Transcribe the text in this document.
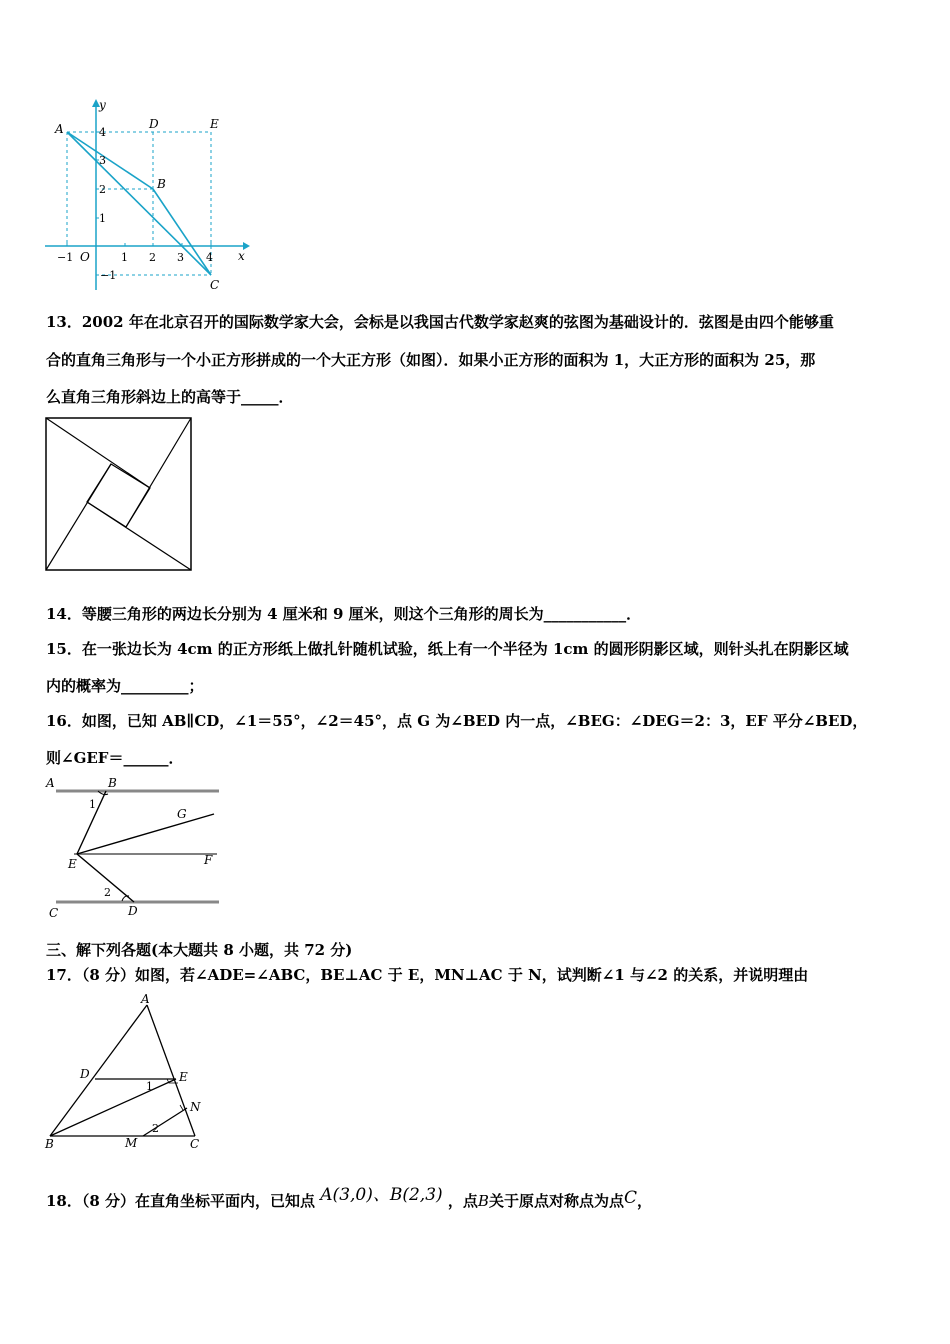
y
x
O
A
B
C
D	E
4
3
2
1
−1
−1	1 2 3 4
13．2002 年在北京召开的国际数学家大会，会标是以我国古代数学家赵爽的弦图为基础设计的．弦图是由四个能够重
合的直角三角形与一个小正方形拼成的一个大正方形（如图）．如果小正方形的面积为 1，大正方形的面积为 25，那
么直角三角形斜边上的高等于_____．
14．等腰三角形的两边长分别为 4 厘米和 9 厘米，则这个三角形的周长为___________．
15．在一张边长为 4cm 的正方形纸上做扎针随机试验，纸上有一个半径为 1cm 的圆形阴影区域，则针头扎在阴影区域
内的概率为_________；
16．如图，已知 AB∥CD，∠1＝55°，∠2＝45°，点 G 为∠BED 内一点，∠BEG：∠DEG＝2：3，EF 平分∠BED，
则∠GEF＝______．
A	B
C	D
E	F
G
1
2
三、解下列各题(本大题共 8 小题，共 72 分)
17．（8 分）如图，若∠ADE=∠ABC，BE⊥AC 于 E，MN⊥AC 于 N，试判断∠1 与∠2 的关系，并说明理由
A
B	C
D	E
M
N
1
2
18．（8 分）在直角坐标平面内，已知点 A(3,0)、B(2,3) ，点B关于原点对称点为点C，
